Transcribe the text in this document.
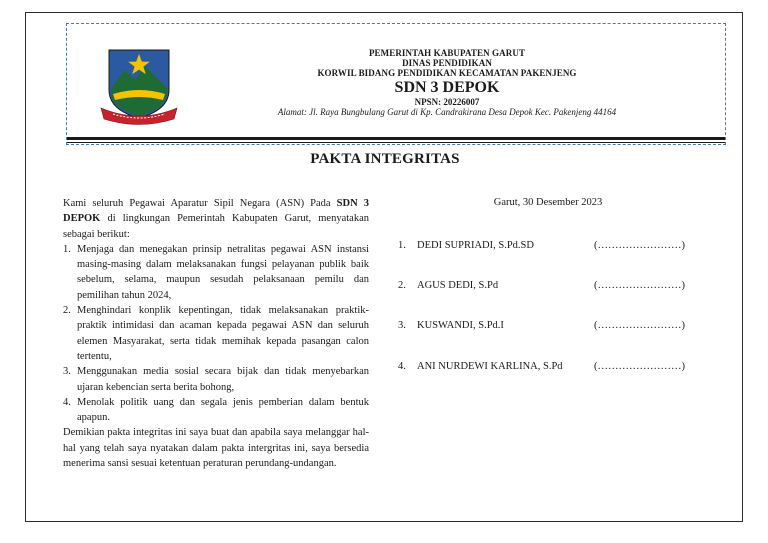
PEMERINTAH KABUPATEN GARUT
DINAS PENDIDIKAN
KORWIL BIDANG PENDIDIKAN KECAMATAN PAKENJENG
SDN 3 DEPOK
NPSN: 20226007
Alamat: Jl. Raya Bungbulang Garut di Kp. Candrakirana Desa Depok Kec. Pakenjeng 44164
PAKTA INTEGRITAS

Kami seluruh Pegawai Aparatur Sipil Negara (ASN) Pada SDN 3 DEPOK di lingkungan Pemerintah Kabupaten Garut, menyatakan sebagai berikut:

1. Menjaga dan menegakan prinsip netralitas pegawai ASN instansi masing-masing dalam melaksanakan fungsi pelayanan publik baik sebelum, selama, maupun sesudah pelaksanaan pemilu dan pemilihan tahun 2024,
2. Menghindari konplik kepentingan, tidak melaksanakan praktik-praktik intimidasi dan acaman kepada pegawai ASN dan seluruh elemen Masyarakat, serta tidak memihak kepada pasangan calon tertentu,
3. Menggunakan media sosial secara bijak dan tidak menyebarkan ujaran kebencian serta berita bohong,
4. Menolak politik uang dan segala jenis pemberian dalam bentuk apapun.

Demikian pakta integritas ini saya buat dan apabila saya melanggar hal-hal yang telah saya nyatakan dalam pakta intergritas ini, saya bersedia menerima sansi sesuai ketentuan peraturan perundang-undangan.

Garut, 30 Desember 2023
1. DEDI SUPRIADI, S.Pd.SD	(……………………)
2. AGUS DEDI, S.Pd	(……………………)
3. KUSWANDI, S.Pd.I	(……………………)
4. ANI NURDEWI KARLINA, S.Pd	(……………………)
